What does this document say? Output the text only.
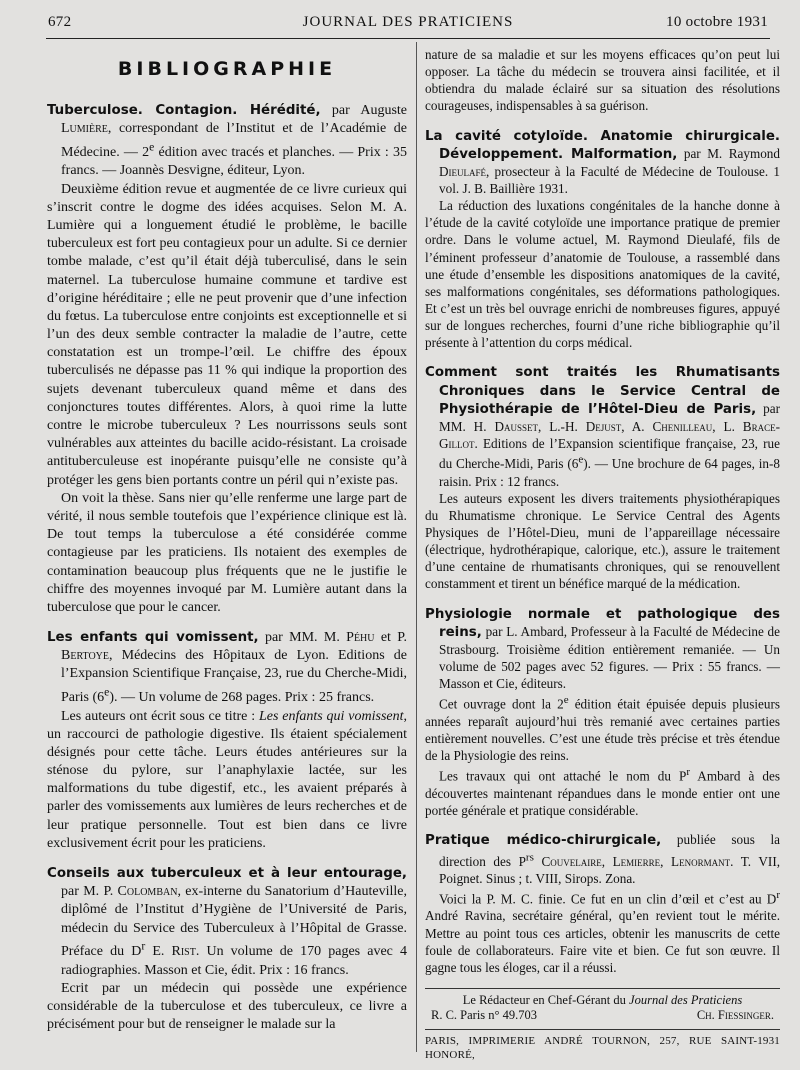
672	JOURNAL DES PRATICIENS	10 octobre 1931
BIBLIOGRAPHIE

Tuberculose. Contagion. Hérédité, par Auguste Lumière, correspondant de l’Institut et de l’Académie de Médecine. — 2e édition avec tracés et planches. — Prix : 35 francs. — Joannès Desvigne, éditeur, Lyon.

Deuxième édition revue et augmentée de ce livre curieux qui s’inscrit contre le dogme des idées acquises. Selon M. A. Lumière qui a longuement étudié le problème, le bacille tuberculeux est fort peu contagieux pour un adulte. Si ce dernier tombe malade, c’est qu’il était déjà tuberculisé, dans le sein maternel. La tuberculose humaine commune et tardive est d’origine héréditaire ; elle ne peut provenir que d’une infection du fœtus. La tuberculose entre conjoints est exceptionnelle et si l’un des deux semble contracter la maladie de l’autre, cette constatation est un trompe-l’œil. Le chiffre des époux tuberculisés ne dépasse pas 11 % qui indique la proportion des sujets devenant tuberculeux quand même et dans des conjonctures toutes différentes. Alors, à quoi rime la lutte contre le microbe tuberculeux ? Les nourrissons seuls sont vulnérables aux atteintes du bacille acido-résistant. La croisade antituberculeuse est inopérante puisqu’elle ne consiste qu’à protéger les gens bien portants contre un péril qui n’existe pas.

On voit la thèse. Sans nier qu’elle renferme une large part de vérité, il nous semble toutefois que l’expérience clinique est là. De tout temps la tuberculose a été considérée comme contagieuse par les praticiens. Ils notaient des exemples de contamination beaucoup plus fréquents que ne le justifie le chiffre des moyennes invoqué par M. Lumière autant dans la tuberculose que pour le cancer.

Les enfants qui vomissent, par MM. M. Péhu et P. Bertoye, Médecins des Hôpitaux de Lyon. Editions de l’Expansion Scientifique Française, 23, rue du Cherche-Midi, Paris (6e). — Un volume de 268 pages. Prix : 25 francs.

Les auteurs ont écrit sous ce titre : Les enfants qui vomissent, un raccourci de pathologie digestive. Ils étaient spécialement désignés pour cette tâche. Leurs études antérieures sur la sténose du pylore, sur l’anaphylaxie lactée, sur les malformations du tube digestif, etc., les avaient préparés à parler des vomissements aux lumières de leurs recherches et de leur pratique personnelle. Tout est bien dans ce livre exclusivement écrit pour les praticiens.

Conseils aux tuberculeux et à leur entourage, par M. P. Colomban, ex-interne du Sanatorium d’Hauteville, diplômé de l’Institut d’Hygiène de l’Université de Paris, médecin du Service des Tuberculeux à l’Hôpital de Grasse. Préface du $D^r$ E. Rist. Un volume de 170 pages avec 4 radiographies. Masson et Cie, édit. Prix : 16 francs.

Ecrit par un médecin qui possède une expérience considérable de la tuberculose et des tuberculeux, ce livre a précisément pour but de renseigner le malade sur la

nature de sa maladie et sur les moyens efficaces qu’on peut lui opposer. La tâche du médecin se trouvera ainsi facilitée, et il obtiendra du malade éclairé sur sa situation des résolutions courageuses, indispensables à sa guérison.

La cavité cotyloïde. Anatomie chirurgicale. Développement. Malformation, par M. Raymond Dieulafé, prosecteur à la Faculté de Médecine de Toulouse. 1 vol. J. B. Baillière 1931.

La réduction des luxations congénitales de la hanche donne à l’étude de la cavité cotyloïde une importance pratique de premier ordre. Dans le volume actuel, M. Raymond Dieulafé, fils de l’éminent professeur d’anatomie de Toulouse, a rassemblé dans une étude d’ensemble les dispositions anatomiques de la cavité, ses malformations congénitales, ses déformations pathologiques. Et c’est un très bel ouvrage enrichi de nombreuses figures, appuyé sur de longues recherches, fourni d’une riche bibliographie qu’il présente à l’attention du corps médical.

Comment sont traités les Rhumatisants Chroniques dans le Service Central de Physiothérapie de l’Hôtel-Dieu de Paris, par MM. H. Dausset, L.-H. Dejust, A. Chenilleau, L. Brace-Gillot. Editions de l’Expansion scientifique française, 23, rue du Cherche-Midi, Paris (6e). — Une brochure de 64 pages, in-8 raisin. Prix : 12 francs.

Les auteurs exposent les divers traitements physiothérapiques du Rhumatisme chronique. Le Service Central des Agents Physiques de l’Hôtel-Dieu, muni de l’appareillage nécessaire (électrique, hydrothérapique, calorique, etc.), assure le traitement d’une centaine de rhumatisants chroniques, qui se renouvellent constamment et tirent un bénéfice marqué de la médication.

Physiologie normale et pathologique des reins, par L. Ambard, Professeur à la Faculté de Médecine de Strasbourg. Troisième édition entièrement remaniée. — Un volume de 502 pages avec 52 figures. — Prix : 55 francs. — Masson et Cie, éditeurs.

Cet ouvrage dont la 2e édition était épuisée depuis plusieurs années reparaît aujourd’hui très remanié avec certaines parties entièrement nouvelles. C’est une étude très précise et très étendue de la Physiologie des reins.

Les travaux qui ont attaché le nom du $P^r$ Ambard à des découvertes maintenant répandues dans le monde entier ont une portée générale et pratique considérable.

Pratique médico-chirurgicale, publiée sous la direction des $P^{rs}$ Couvelaire, Lemierre, Lenormant. T. VII, Poignet. Sinus ; t. VIII, Sirops. Zona.

Voici la P. M. C. finie. Ce fut en un clin d’œil et c’est au $D^r$ André Ravina, secrétaire général, qu’en revient tout le mérite. Mettre au point tous ces articles, obtenir les manuscrits de cette foule de collaborateurs. Faire vite et bien. Ce fut son œuvre. Il gagne tous les éloges, car il a réussi.

Le Rédacteur en Chef-Gérant du Journal des Praticiens
R. C. Paris n° 49.703	Ch. Fiessinger.
PARIS, IMPRIMERIE ANDRÉ TOURNON, 257, RUE SAINT-HONORÉ,
1931
